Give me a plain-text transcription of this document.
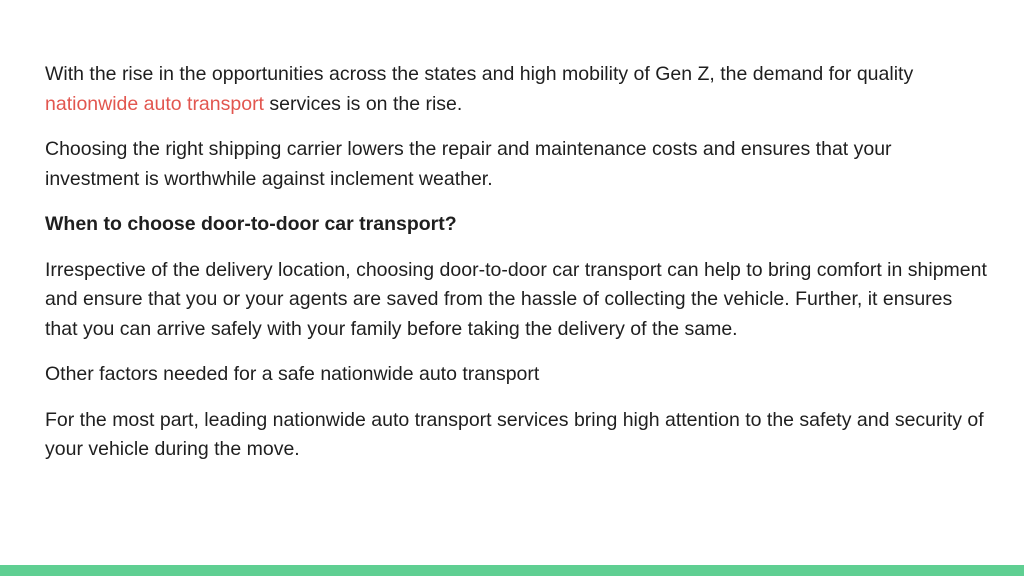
With the rise in the opportunities across the states and high mobility of Gen Z, the demand for quality nationwide auto transport services is on the rise.

Choosing the right shipping carrier lowers the repair and maintenance costs and ensures that your investment is worthwhile against inclement weather.

When to choose door-to-door car transport?

Irrespective of the delivery location, choosing door-to-door car transport can help to bring comfort in shipment and ensure that you or your agents are saved from the hassle of collecting the vehicle. Further, it ensures that you can arrive safely with your family before taking the delivery of the same.

Other factors needed for a safe nationwide auto transport

For the most part, leading nationwide auto transport services bring high attention to the safety and security of your vehicle during the move.
